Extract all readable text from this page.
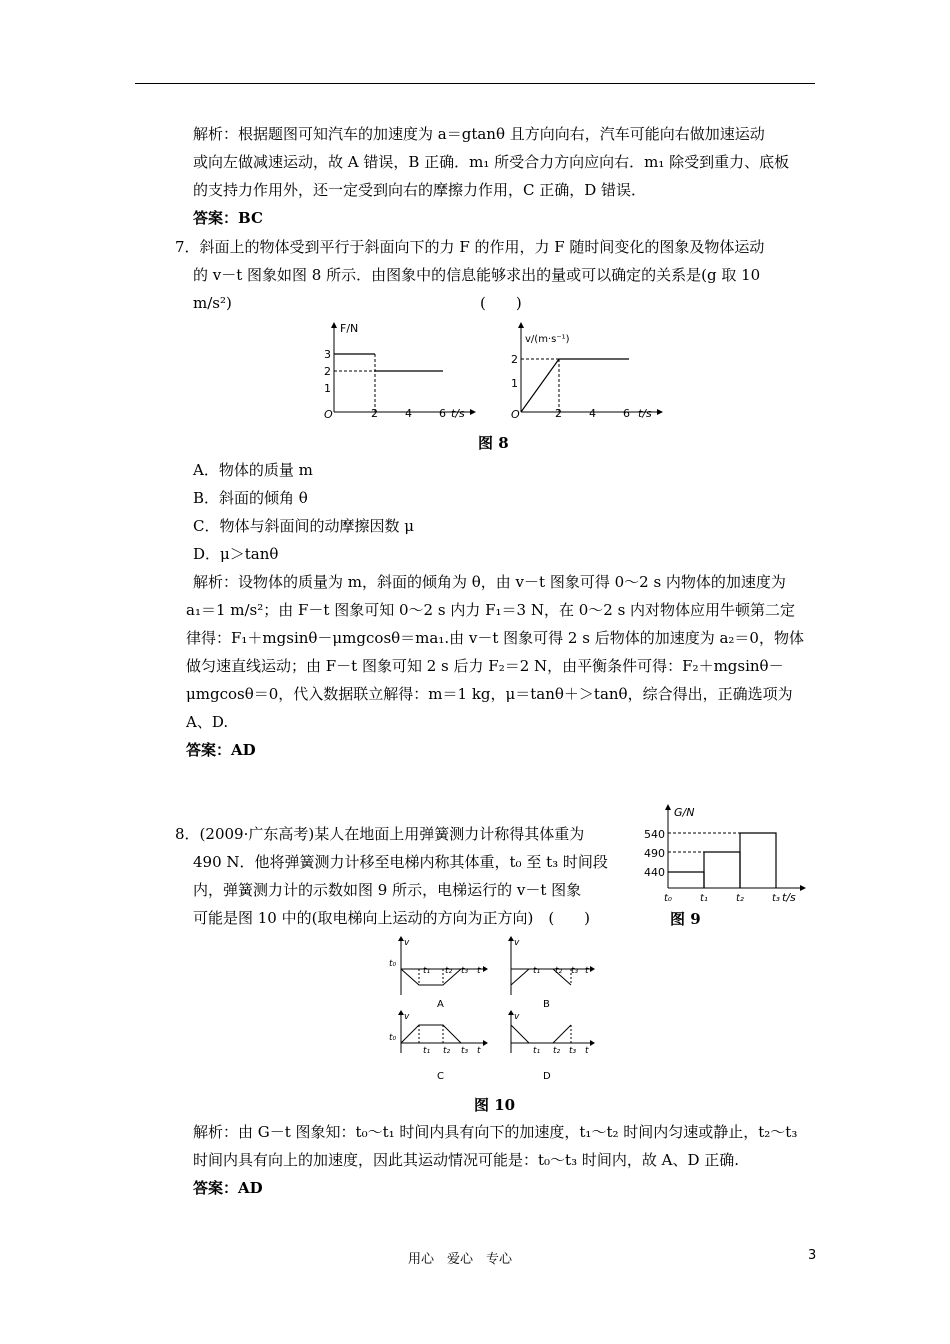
解析：根据题图可知汽车的加速度为 a＝gtanθ 且方向向右，汽车可能向右做加速运动
或向左做减速运动，故 A 错误，B 正确．m₁ 所受合力方向应向右．m₁ 除受到重力、底板
的支持力作用外，还一定受到向右的摩擦力作用，C 正确，D 错误．
答案：BC
7．斜面上的物体受到平行于斜面向下的力 F 的作用，力 F 随时间变化的图象及物体运动
的 v－t 图象如图 8 所示．由图象中的信息能够求出的量或可以确定的关系是(g 取 10
m/s²)	(　　)
F/N
t/s
O
3
2
1
2 4 6
v/(m·s⁻¹)
t/s
O
2
1
2 4 6
图 8
A．物体的质量 m
B．斜面的倾角 θ
C．物体与斜面间的动摩擦因数 μ
D．μ＞tanθ
解析：设物体的质量为 m，斜面的倾角为 θ，由 v－t 图象可得 0～2 s 内物体的加速度为
a₁＝1 m/s²；由 F－t 图象可知 0～2 s 内力 F₁＝3 N，在 0～2 s 内对物体应用牛顿第二定
律得：F₁＋mgsinθ－μmgcosθ＝ma₁.由 v－t 图象可得 2 s 后物体的加速度为 a₂＝0，物体
做匀速直线运动；由 F－t 图象可知 2 s 后力 F₂＝2 N，由平衡条件可得：F₂＋mgsinθ－
μmgcosθ＝0，代入数据联立解得：m＝1 kg，μ＝tanθ＋＞tanθ，综合得出，正确选项为
A、D.
答案：AD
8．(2009·广东高考)某人在地面上用弹簧测力计称得其体重为
490 N．他将弹簧测力计移至电梯内称其体重，t₀ 至 t₃ 时间段
内，弹簧测力计的示数如图 9 所示，电梯运行的 v－t 图象
可能是图 10 中的(取电梯向上运动的方向为正方向)　(　　)
G/N
t/s
540
490
440
t₀	t₁	t₂	t₃
图 9
v
t₀
t₁ t₂ t₃ t
A
v
t₁ t₂ t₃ t
B
v
t₀
t₁ t₂ t₃ t
C
v
t₁ t₂ t₃ t
D
图 10
解析：由 G－t 图象知：t₀～t₁ 时间内具有向下的加速度，t₁～t₂ 时间内匀速或静止，t₂～t₃
时间内具有向上的加速度，因此其运动情况可能是：t₀～t₃ 时间内，故 A、D 正确.
答案：AD
用心　爱心　专心	3
